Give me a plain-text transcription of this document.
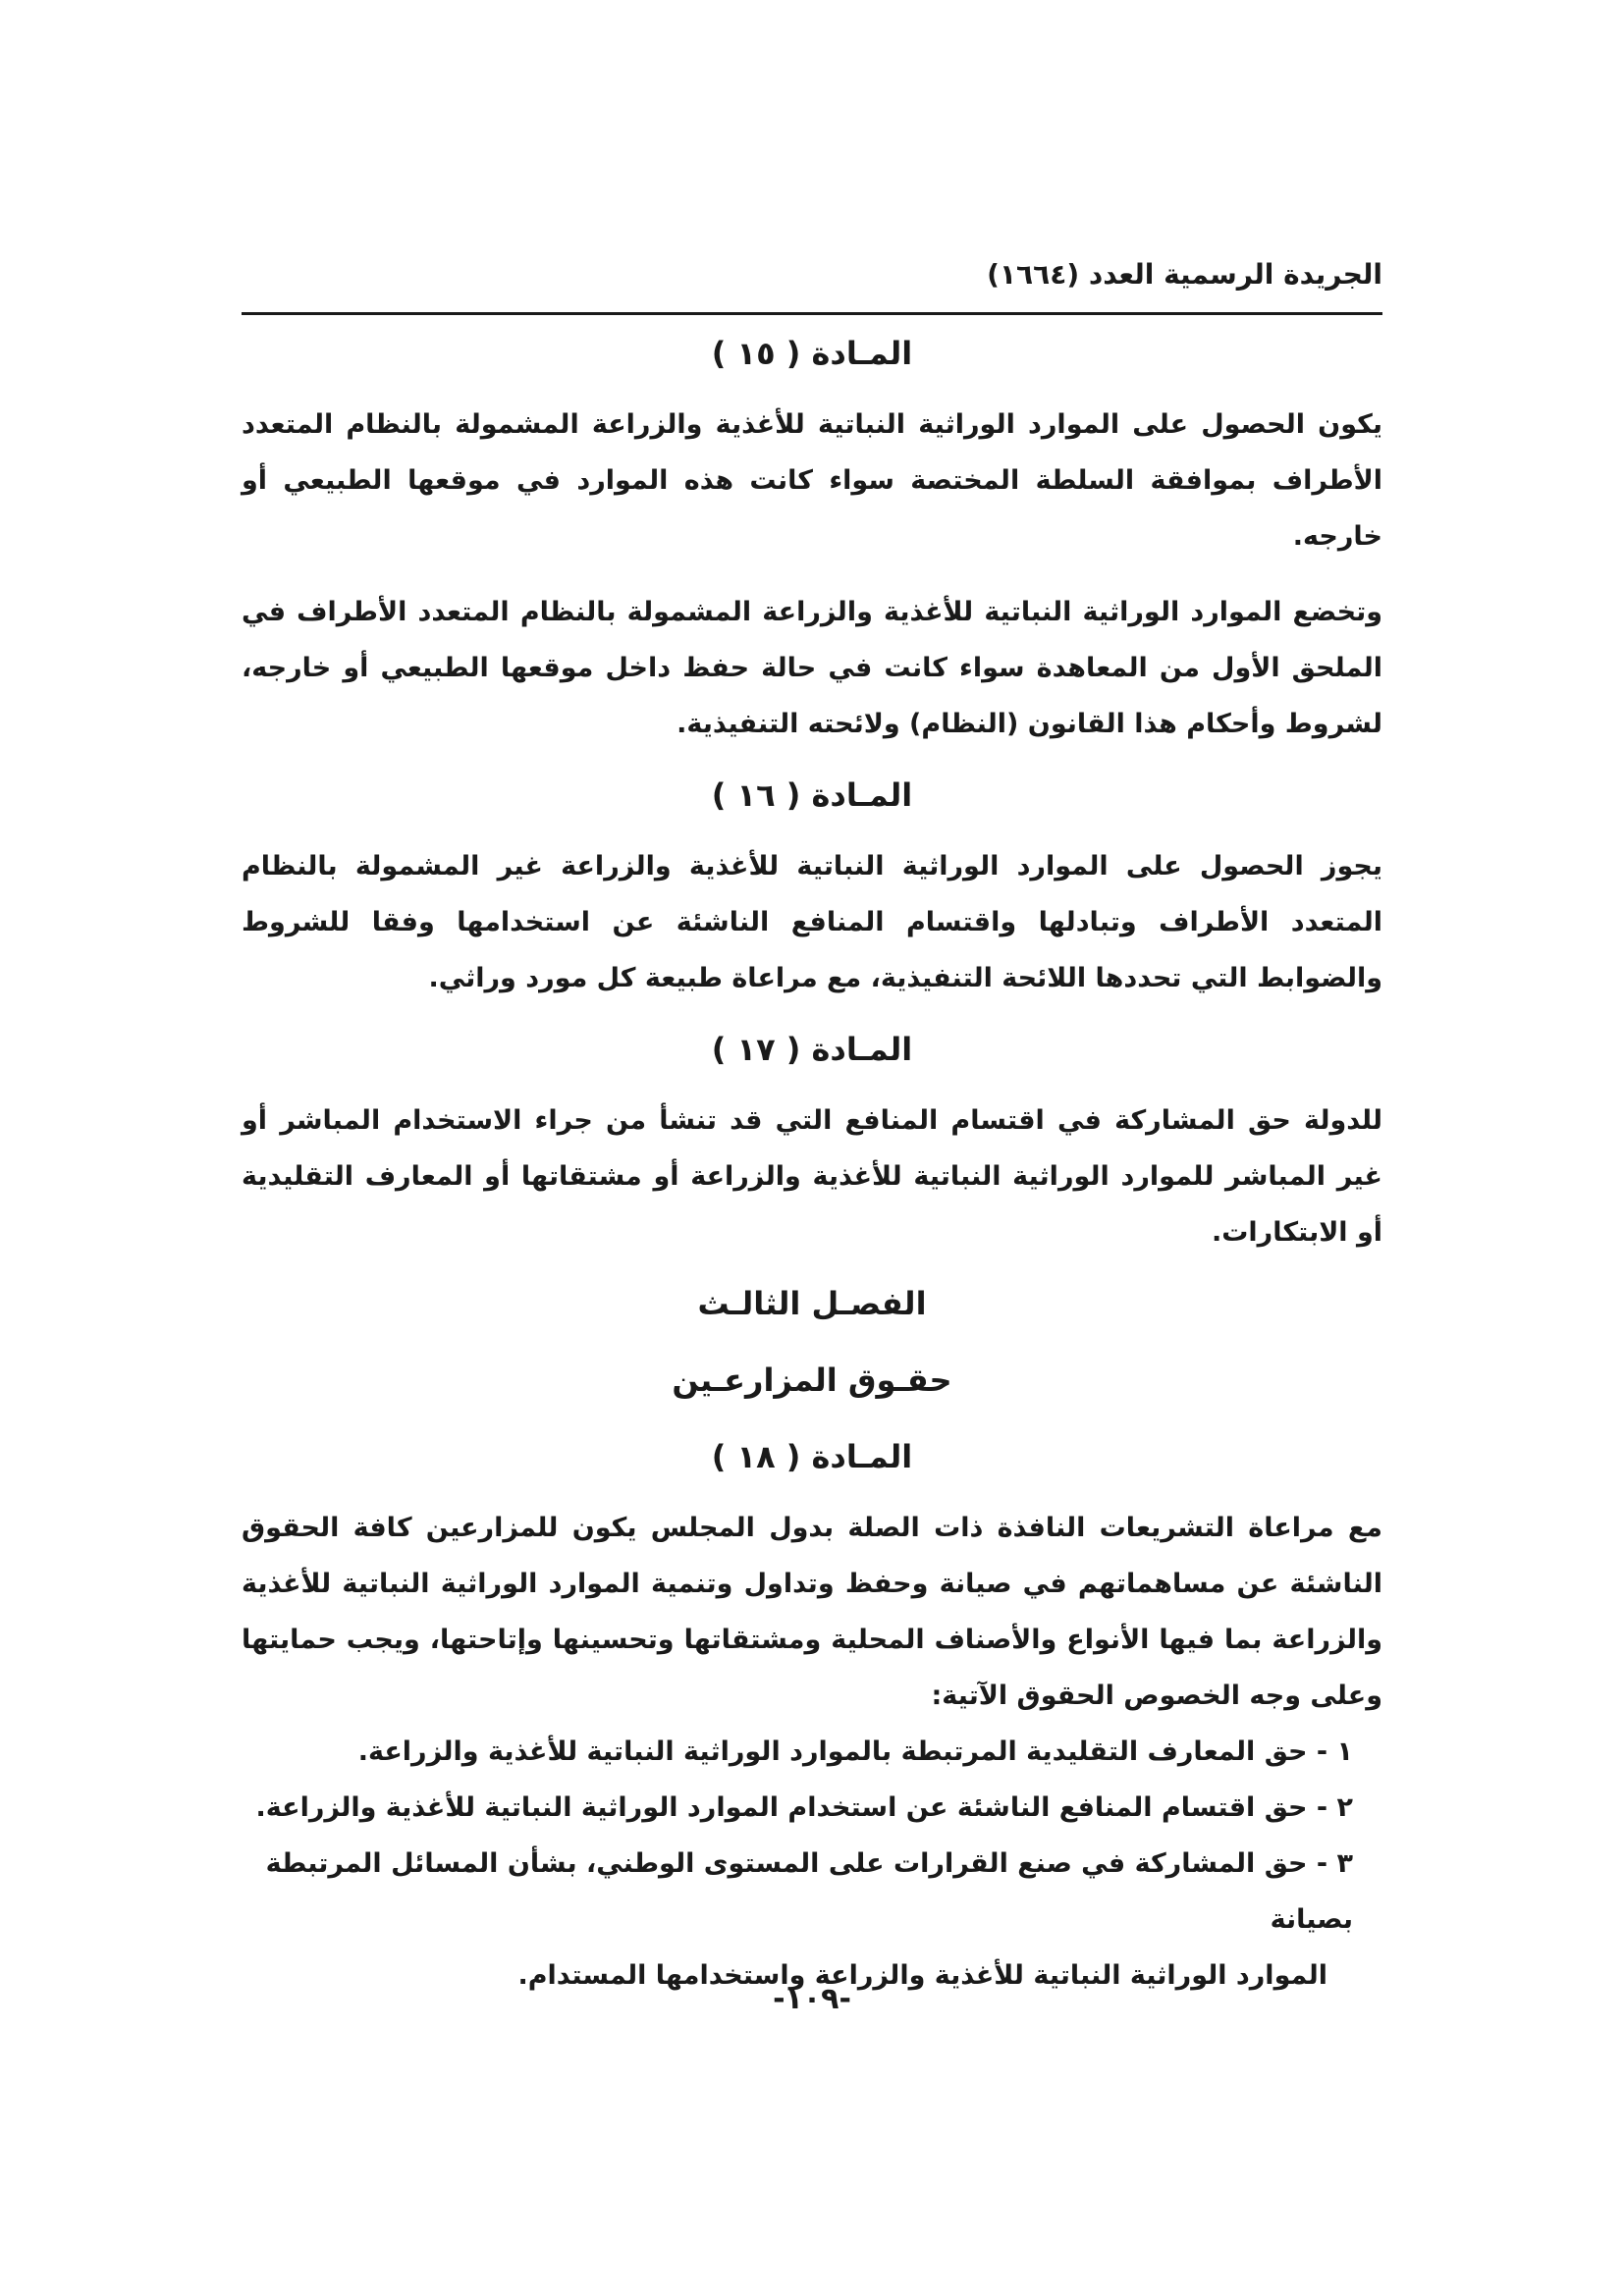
الجريدة الرسمية العدد (١٦٦٤)
المـادة ( ١٥ )

يكون الحصول على الموارد الوراثية النباتية للأغذية والزراعة المشمولة بالنظام المتعدد الأطراف بموافقة السلطة المختصة سواء كانت هذه الموارد في موقعها الطبيعي أو خارجه.

وتخضع الموارد الوراثية النباتية للأغذية والزراعة المشمولة بالنظام المتعدد الأطراف في الملحق الأول من المعاهدة سواء كانت في حالة حفظ داخل موقعها الطبيعي أو خارجه، لشروط وأحكام هذا القانون (النظام) ولائحته التنفيذية.

المـادة ( ١٦ )

يجوز الحصول على الموارد الوراثية النباتية للأغذية والزراعة غير المشمولة بالنظام المتعدد الأطراف وتبادلها واقتسام المنافع الناشئة عن استخدامها وفقا للشروط والضوابط التي تحددها اللائحة التنفيذية، مع مراعاة طبيعة كل مورد وراثي.

المـادة ( ١٧ )

للدولة حق المشاركة في اقتسام المنافع التي قد تنشأ من جراء الاستخدام المباشر أو غير المباشر للموارد الوراثية النباتية للأغذية والزراعة أو مشتقاتها أو المعارف التقليدية أو الابتكارات.

الفصـل الثالـث
حقـوق المزارعـين
المـادة ( ١٨ )

مع مراعاة التشريعات النافذة ذات الصلة بدول المجلس يكون للمزارعين كافة الحقوق الناشئة عن مساهماتهم في صيانة وحفظ وتداول وتنمية الموارد الوراثية النباتية للأغذية والزراعة بما فيها الأنواع والأصناف المحلية ومشتقاتها وتحسينها وإتاحتها، ويجب حمايتها وعلى وجه الخصوص الحقوق الآتية:

١ - حق المعارف التقليدية المرتبطة بالموارد الوراثية النباتية للأغذية والزراعة.
٢ - حق اقتسام المنافع الناشئة عن استخدام الموارد الوراثية النباتية للأغذية والزراعة.
٣ - حق المشاركة في صنع القرارات على المستوى الوطني، بشأن المسائل المرتبطة بصيانة
الموارد الوراثية النباتية للأغذية والزراعة واستخدامها المستدام.
-١٠٩-
